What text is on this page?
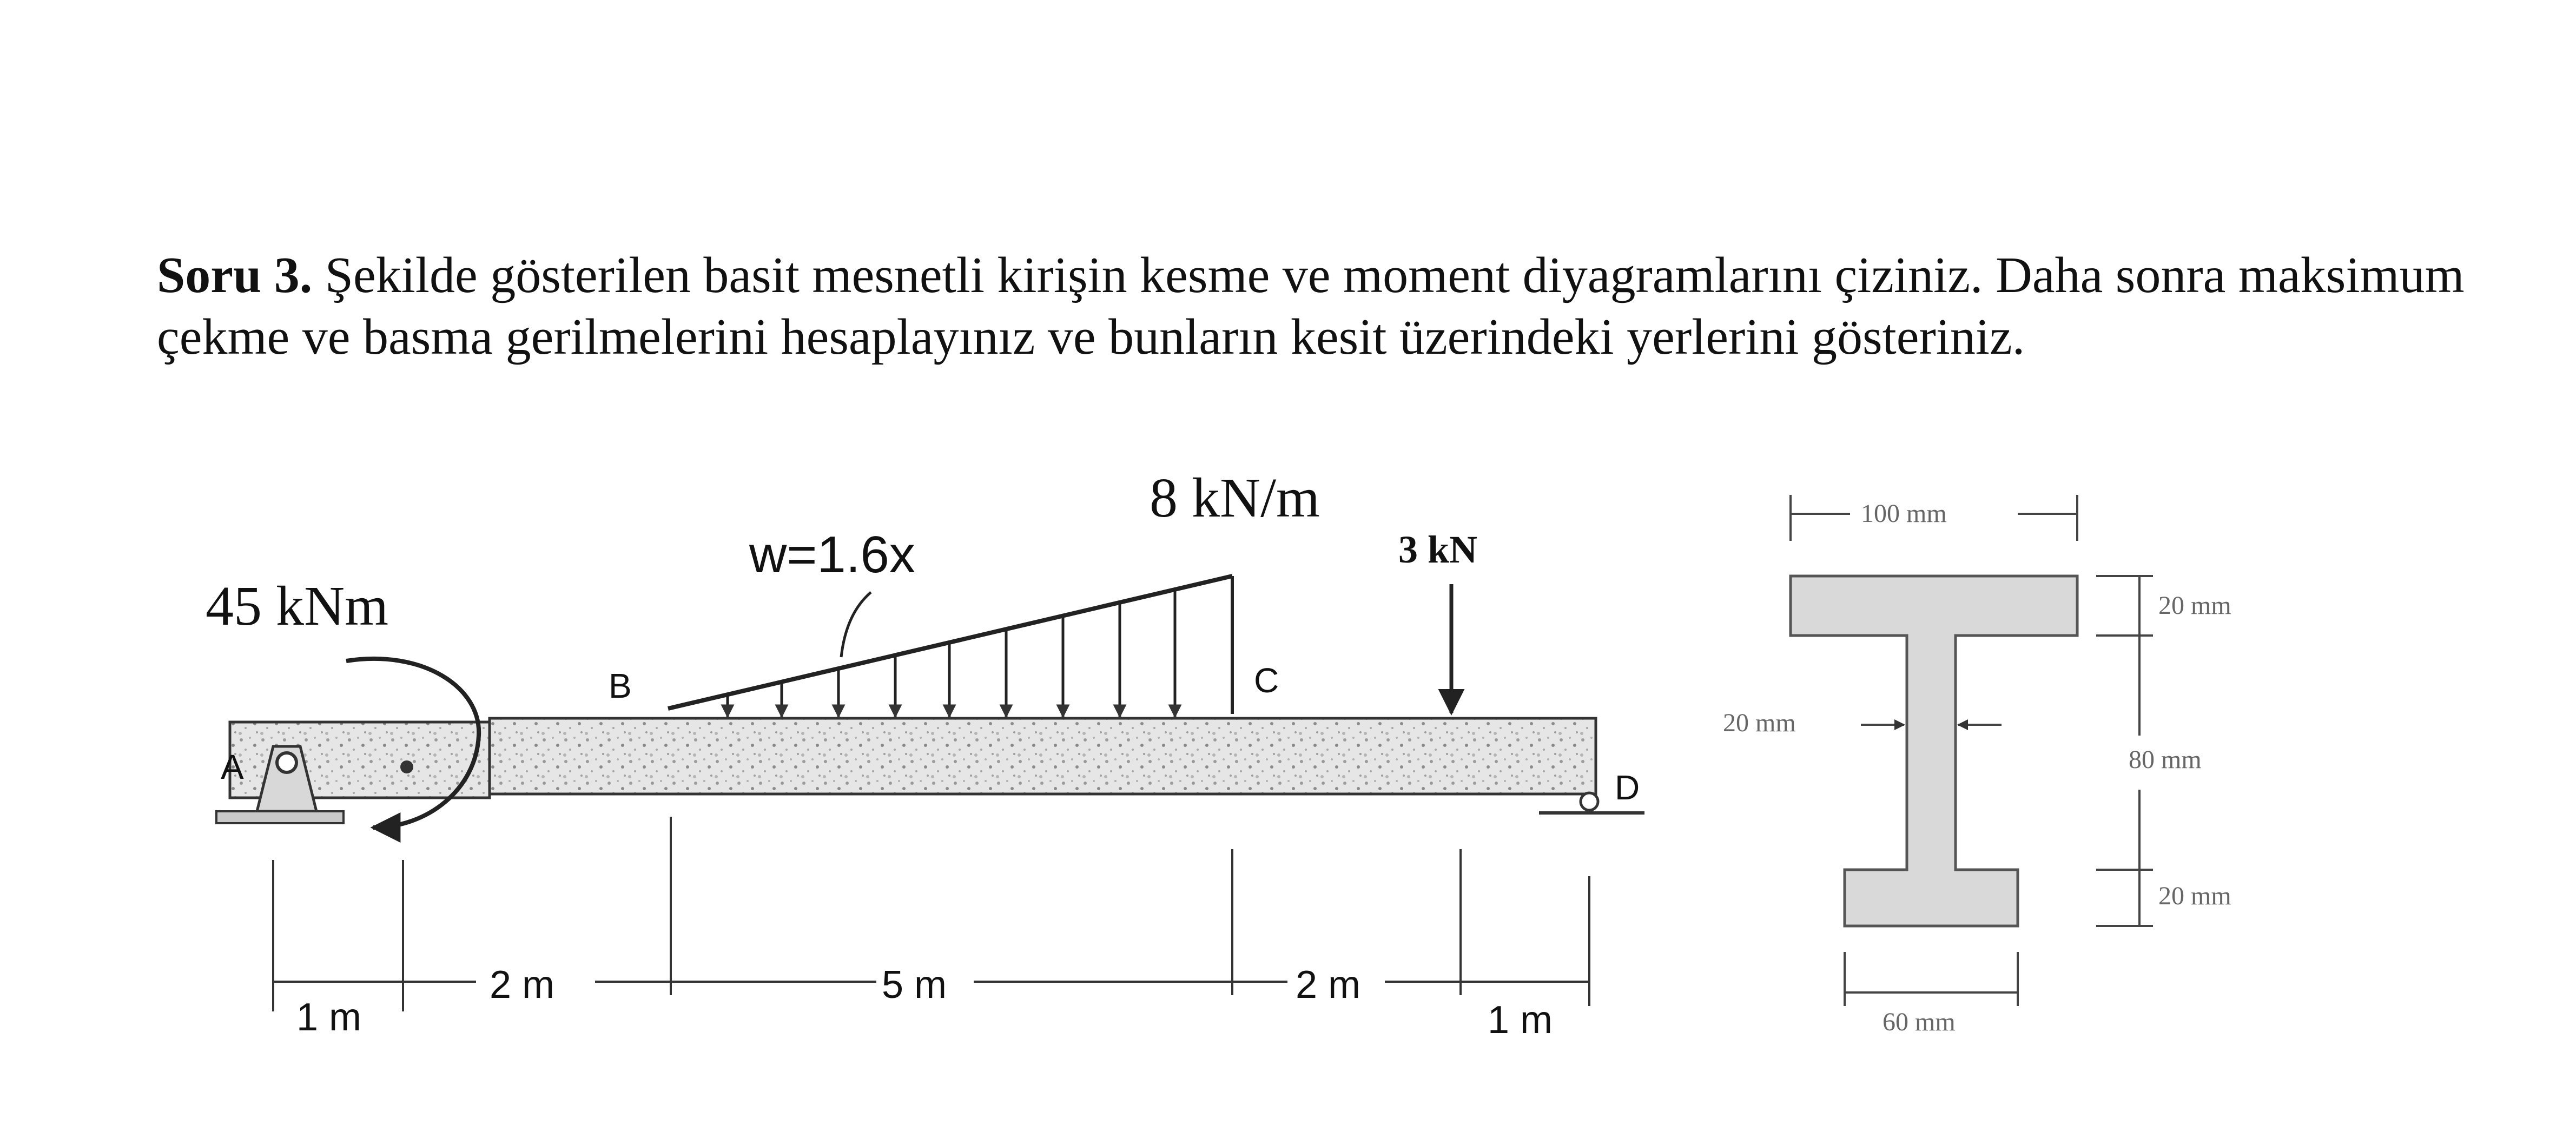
Soru 3. Şekilde gösterilen basit mesnetli kirişin kesme ve moment diyagramlarını çiziniz. Daha sonra maksimum çekme ve basma gerilmelerini hesaplayınız ve bunların kesit üzerindeki yerlerini gösteriniz.
45 kNm
w=1.6x
8 kN/m
3 kN
A
B	C
D
1 m
2 m	5 m	2 m
1 m
100 mm
20 mm
20 mm
80 mm
20 mm
60 mm
